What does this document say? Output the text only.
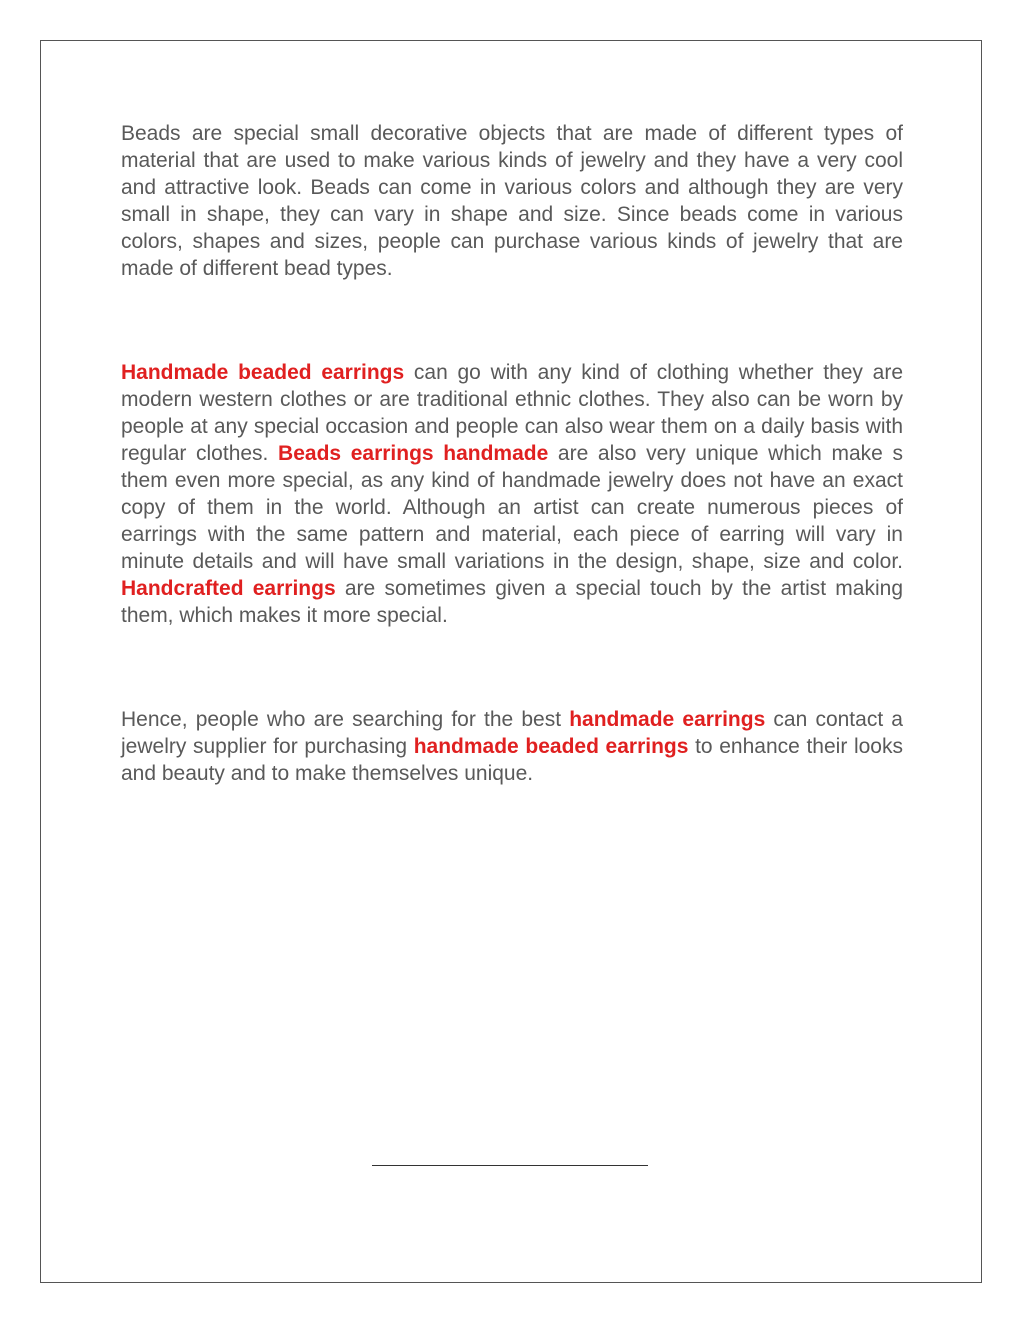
Beads are special small decorative objects that are made of different types of material that are used to make various kinds of jewelry and they have a very cool and attractive look. Beads can come in various colors and although they are very small in shape, they can vary in shape and size. Since beads come in various colors, shapes and sizes, people can purchase various kinds of jewelry that are made of different bead types.

Handmade beaded earrings can go with any kind of clothing whether they are modern western clothes or are traditional ethnic clothes. They also can be worn by people at any special occasion and people can also wear them on a daily basis with regular clothes. Beads earrings handmade are also very unique which make s them even more special, as any kind of handmade jewelry does not have an exact copy of them in the world. Although an artist can create numerous pieces of earrings with the same pattern and material, each piece of earring will vary in minute details and will have small variations in the design, shape, size and color. Handcrafted earrings are sometimes given a special touch by the artist making them, which makes it more special.

Hence, people who are searching for the best handmade earrings can contact a jewelry supplier for purchasing handmade beaded earrings to enhance their looks and beauty and to make themselves unique.
